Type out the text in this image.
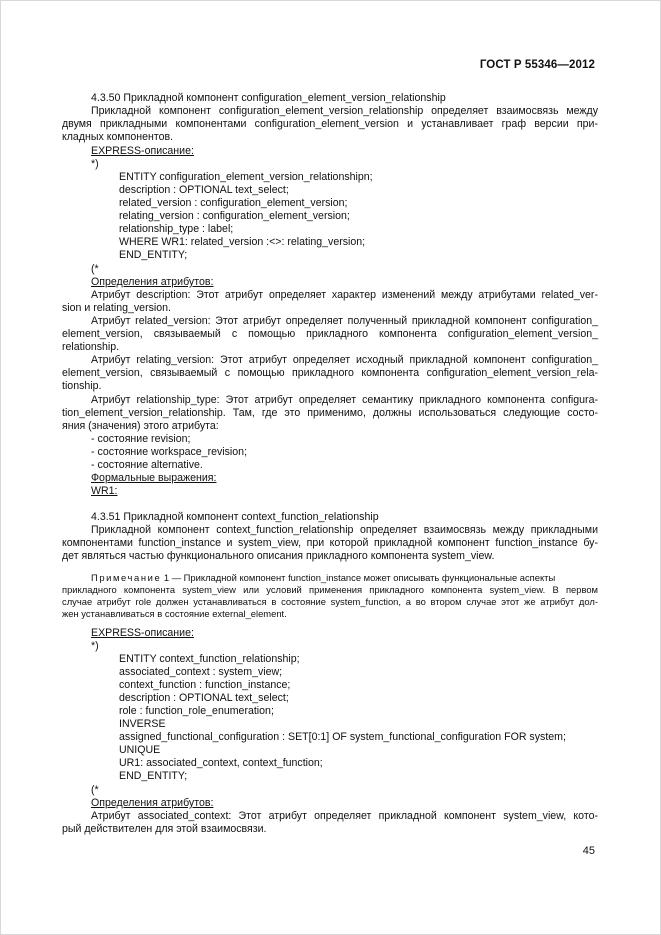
ГОСТ Р 55346—2012
4.3.50 Прикладной компонент configuration_element_version_relationship
Прикладной компонент configuration_element_version_relationship определяет взаимосвязь между
двумя прикладными компонентами configuration_element_version и устанавливает граф версии при-
кладных компонентов.
EXPRESS-описание:
*)
ENTITY configuration_element_version_relationshipn;
description : OPTIONAL text_select;
related_version : configuration_element_version;
relating_version : configuration_element_version;
relationship_type : label;
WHERE WR1: related_version :<>: relating_version;
END_ENTITY;
(*
Определения атрибутов:
Атрибут description: Этот атрибут определяет характер изменений между атрибутами related_ver-
sion и relating_version.
Атрибут related_version: Этот атрибут определяет полученный прикладной компонент configuration_
element_version, связываемый с помощью прикладного компонента configuration_element_version_
relationship.
Атрибут relating_version: Этот атрибут определяет исходный прикладной компонент configuration_
element_version, связываемый с помощью прикладного компонента configuration_element_version_rela-
tionship.
Атрибут relationship_type: Этот атрибут определяет семантику прикладного компонента configura-
tion_element_version_relationship. Там, где это применимо, должны использоваться следующие состо-
яния (значения) этого атрибута:
- состояние revision;
- состояние workspace_revision;
- состояние alternative.
Формальные выражения:
WR1:
4.3.51 Прикладной компонент context_function_relationship
Прикладной компонент context_function_relationship определяет взаимосвязь между прикладными
компонентами function_instance и system_view, при которой прикладной компонент function_instance бу-
дет являться частью функционального описания прикладного компонента system_view.
Примечание 1 — Прикладной компонент function_instance может описывать функциональные аспекты
прикладного компонента system_view или условий применения прикладного компонента system_view. В первом
случае атрибут role должен устанавливаться в состояние system_function, а во втором случае этот же атрибут дол-
жен устанавливаться в состояние external_element.
EXPRESS-описание:
*)
ENTITY context_function_relationship;
associated_context : system_view;
context_function : function_instance;
description : OPTIONAL text_select;
role : function_role_enumeration;
INVERSE
assigned_functional_configuration : SET[0:1] OF system_functional_configuration FOR system;
UNIQUE
UR1: associated_context, context_function;
END_ENTITY;
(*
Определения атрибутов:
Атрибут associated_context: Этот атрибут определяет прикладной компонент system_view, кото-
рый действителен для этой взаимосвязи.
45
